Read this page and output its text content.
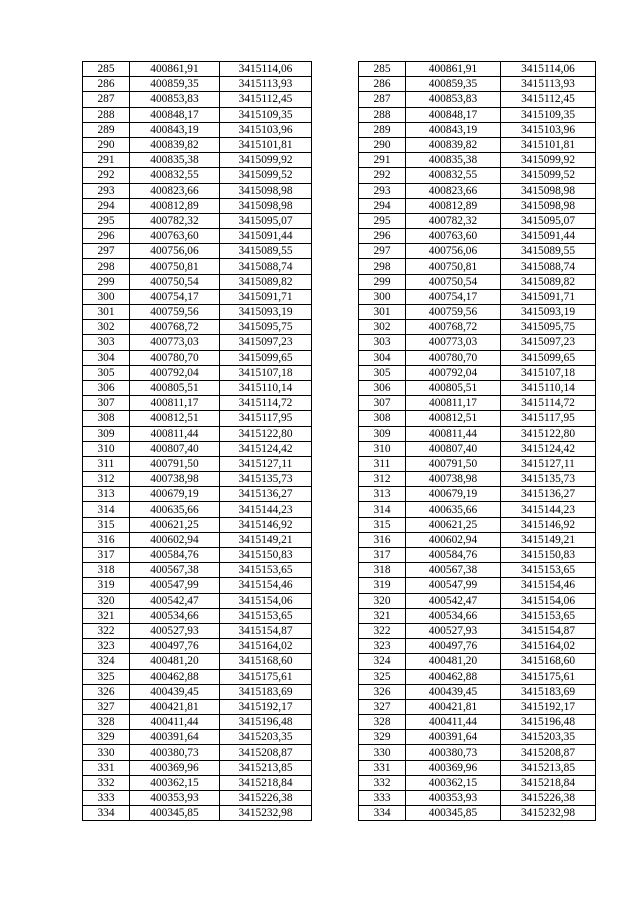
285	400861,91	3415114,06
286	400859,35	3415113,93
287	400853,83	3415112,45
288	400848,17	3415109,35
289	400843,19	3415103,96
290	400839,82	3415101,81
291	400835,38	3415099,92
292	400832,55	3415099,52
293	400823,66	3415098,98
294	400812,89	3415098,98
295	400782,32	3415095,07
296	400763,60	3415091,44
297	400756,06	3415089,55
298	400750,81	3415088,74
299	400750,54	3415089,82
300	400754,17	3415091,71
301	400759,56	3415093,19
302	400768,72	3415095,75
303	400773,03	3415097,23
304	400780,70	3415099,65
305	400792,04	3415107,18
306	400805,51	3415110,14
307	400811,17	3415114,72
308	400812,51	3415117,95
309	400811,44	3415122,80
310	400807,40	3415124,42
311	400791,50	3415127,11
312	400738,98	3415135,73
313	400679,19	3415136,27
314	400635,66	3415144,23
315	400621,25	3415146,92
316	400602,94	3415149,21
317	400584,76	3415150,83
318	400567,38	3415153,65
319	400547,99	3415154,46
320	400542,47	3415154,06
321	400534,66	3415153,65
322	400527,93	3415154,87
323	400497,76	3415164,02
324	400481,20	3415168,60
325	400462,88	3415175,61
326	400439,45	3415183,69
327	400421,81	3415192,17
328	400411,44	3415196,48
329	400391,64	3415203,35
330	400380,73	3415208,87
331	400369,96	3415213,85
332	400362,15	3415218,84
333	400353,93	3415226,38
334	400345,85	3415232,98
285	400861,91	3415114,06
286	400859,35	3415113,93
287	400853,83	3415112,45
288	400848,17	3415109,35
289	400843,19	3415103,96
290	400839,82	3415101,81
291	400835,38	3415099,92
292	400832,55	3415099,52
293	400823,66	3415098,98
294	400812,89	3415098,98
295	400782,32	3415095,07
296	400763,60	3415091,44
297	400756,06	3415089,55
298	400750,81	3415088,74
299	400750,54	3415089,82
300	400754,17	3415091,71
301	400759,56	3415093,19
302	400768,72	3415095,75
303	400773,03	3415097,23
304	400780,70	3415099,65
305	400792,04	3415107,18
306	400805,51	3415110,14
307	400811,17	3415114,72
308	400812,51	3415117,95
309	400811,44	3415122,80
310	400807,40	3415124,42
311	400791,50	3415127,11
312	400738,98	3415135,73
313	400679,19	3415136,27
314	400635,66	3415144,23
315	400621,25	3415146,92
316	400602,94	3415149,21
317	400584,76	3415150,83
318	400567,38	3415153,65
319	400547,99	3415154,46
320	400542,47	3415154,06
321	400534,66	3415153,65
322	400527,93	3415154,87
323	400497,76	3415164,02
324	400481,20	3415168,60
325	400462,88	3415175,61
326	400439,45	3415183,69
327	400421,81	3415192,17
328	400411,44	3415196,48
329	400391,64	3415203,35
330	400380,73	3415208,87
331	400369,96	3415213,85
332	400362,15	3415218,84
333	400353,93	3415226,38
334	400345,85	3415232,98
